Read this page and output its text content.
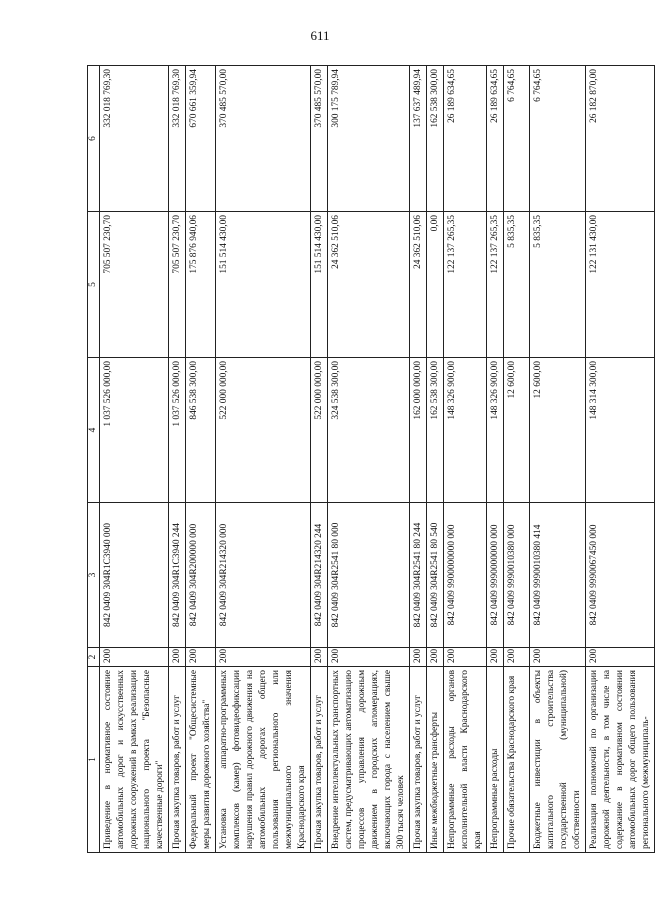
611
1	2	3	4	5	6
Приведение в нормативное состояние автомобильных дорог и искусственных дорожных сооружений в рамках реализации национального проекта "Безопасные качественные дороги"	200	842 0409 304R1С3940 000	1 037 526 000,00	705 507 230,70	332 018 769,30
Прочая закупка товаров, работ и услуг	200	842 0409 304R1С3940 244	1 037 526 000,00	705 507 230,70	332 018 769,30
Федеральный проект "Общесистемные меры развития дорожного хозяйства"	200	842 0409 304R200000 000	846 538 300,00	175 876 940,06	670 661 359,94
Установка аппаратно-программных комплексов (камер) фотовидеофиксации нарушения правил дорожного движения на автомобильных дорогах общего пользования регионального или межмуниципального значения Краснодарского края	200	842 0409 304R214320 000	522 000 000,00	151 514 430,00	370 485 570,00
Прочая закупка товаров, работ и услуг	200	842 0409 304R214320 244	522 000 000,00	151 514 430,00	370 485 570,00
Внедрение интеллектуальных транспортных систем, предусматривающих автоматизацию процессов управления дорожным движением в городских агломерациях, включающих города с населением свыше 300 тысяч человек	200	842 0409 304R2541 80 000	324 538 300,00	24 362 510,06	300 175 789,94
Прочая закупка товаров, работ и услуг	200	842 0409 304R2541 80 244	162 000 000,00	24 362 510,06	137 637 489,94
Иные межбюджетные трансферты	200	842 0409 304R2541 80 540	162 538 300,00	0,00	162 538 300,00
Непрограммные расходы органов исполнительной власти Краснодарского края	200	842 0409 9900000000 000	148 326 900,00	122 137 265,35	26 189 634,65
Непрограммные расходы	200	842 0409 9990000000 000	148 326 900,00	122 137 265,35	26 189 634,65
Прочие обязательства Краснодарского края	200	842 0409 9990010380 000	12 600,00	5 835,35	6 764,65
Бюджетные инвестиции в объекты капитального строительства государственной (муниципальной) собственности	200	842 0409 9990010380 414	12 600,00	5 835,35	6 764,65
Реализация полномочий по организации дорожной деятельности, в том числе на содержание в нормативном состоянии автомобильных дорог общего пользования регионального (межмуниципаль-	200	842 0409 9990067450 000	148 314 300,00	122 131 430,00	26 182 870,00
